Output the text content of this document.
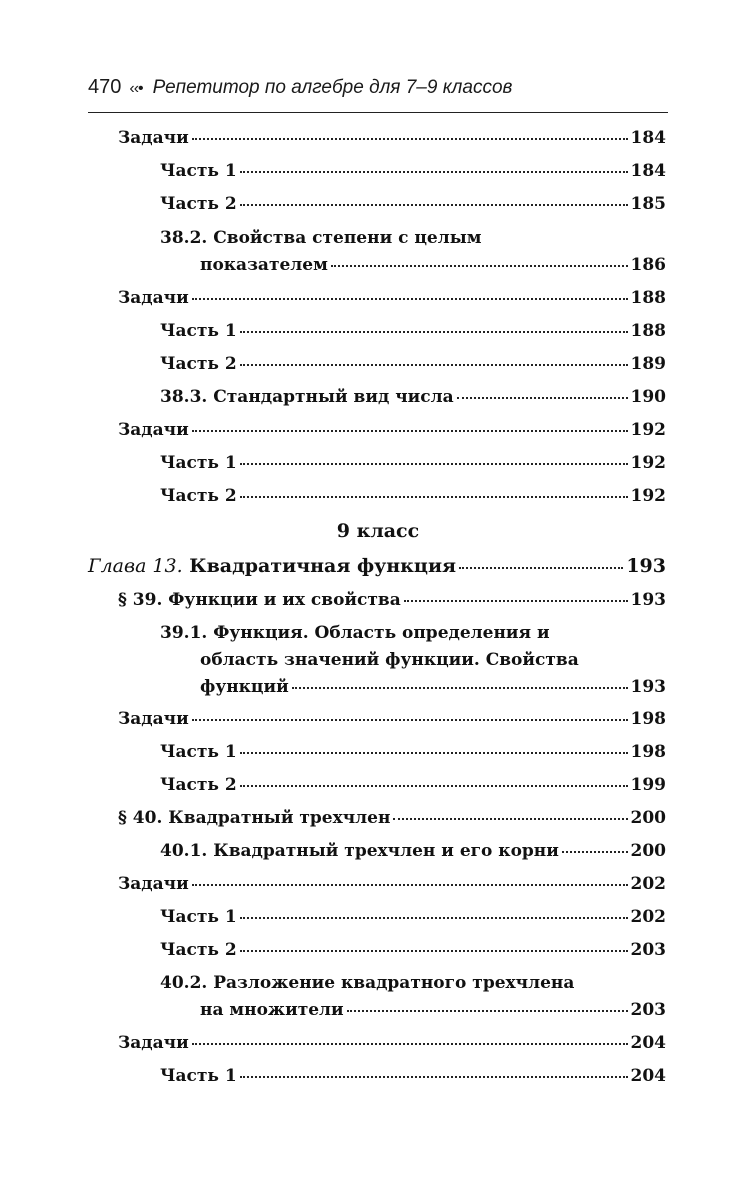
470 ‹‹• Репетитор по алгебре для 7–9 классов
Задачи	184
Часть 1	184
Часть 2	185
38.2. Свойства степени с целым
показателем	186
Задачи	188
Часть 1	188
Часть 2	189
38.3. Стандартный вид числа	190
Задачи	192
Часть 1	192
Часть 2	192
9 класс
Глава 13. Квадратичная функция	193
§ 39. Функции и их свойства	193
39.1. Функция. Область определения и
область значений функции. Свойства
функций	193
Задачи	198
Часть 1	198
Часть 2	199
§ 40. Квадратный трехчлен	200
40.1. Квадратный трехчлен и его корни	200
Задачи	202
Часть 1	202
Часть 2	203
40.2. Разложение квадратного трехчлена
на множители	203
Задачи	204
Часть 1	204
